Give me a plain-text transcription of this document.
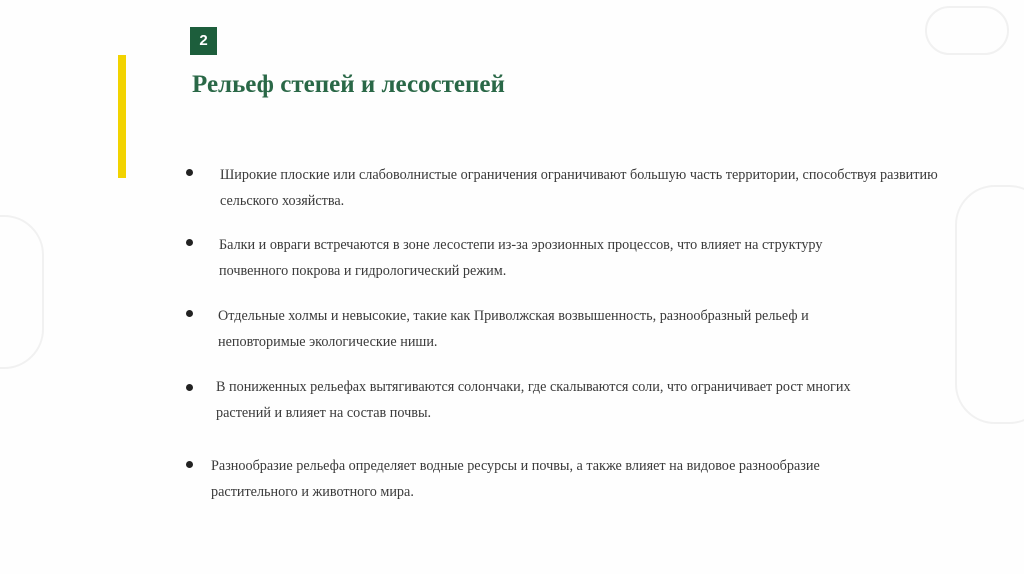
2
Рельеф степей и лесостепей

Широкие плоские или слабоволнистые ограничения ограничивают большую часть территории, способствуя развитию сельского хозяйства.

Балки и овраги встречаются в зоне лесостепи из-за эрозионных процессов, что влияет на структуру почвенного покрова и гидрологический режим.

Отдельные холмы и невысокие, такие как Приволжская возвышенность, разнообразный рельеф и неповторимые экологические ниши.

В пониженных рельефах вытягиваются солончаки, где скалываются соли, что ограничивает рост многих растений и влияет на состав почвы.

Разнообразие рельефа определяет водные ресурсы и почвы, а также влияет на видовое разнообразие растительного и животного мира.
